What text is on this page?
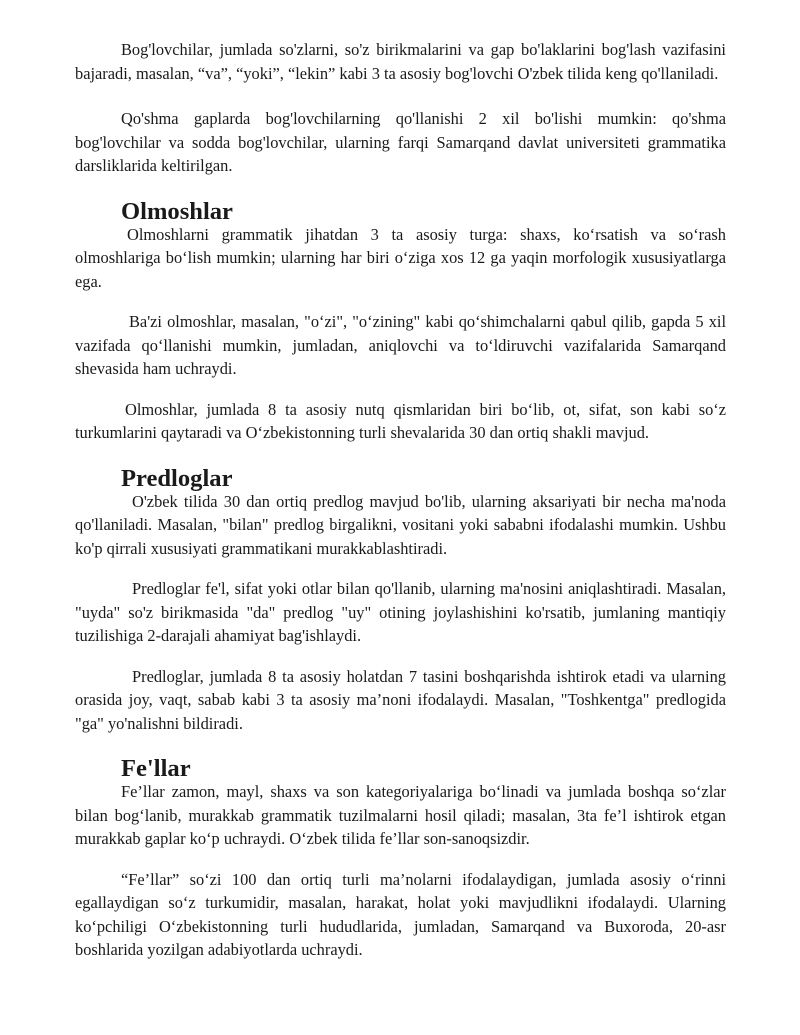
Bog'lovchilar, jumlada so'zlarni, so'z birikmalarini va gap bo'laklarini bog'lash vazifasini bajaradi, masalan, “va”, “yoki”, “lekin” kabi 3 ta asosiy bog'lovchi O'zbek tilida keng qo'llaniladi.

Qo'shma gaplarda bog'lovchilarning qo'llanishi 2 xil bo'lishi mumkin: qo'shma bog'lovchilar va sodda bog'lovchilar, ularning farqi Samarqand davlat universiteti grammatika darsliklarida keltirilgan.

Olmoshlar

Olmoshlarni grammatik jihatdan 3 ta asosiy turga: shaxs, ko‘rsatish va so‘rash olmoshlariga bo‘lish mumkin; ularning har biri o‘ziga xos 12 ga yaqin morfologik xususiyatlarga ega.

Ba'zi olmoshlar, masalan, "o‘zi", "o‘zining" kabi qo‘shimchalarni qabul qilib, gapda 5 xil vazifada qo‘llanishi mumkin, jumladan, aniqlovchi va to‘ldiruvchi vazifalarida Samarqand shevasida ham uchraydi.

Olmoshlar, jumlada 8 ta asosiy nutq qismlaridan biri bo‘lib, ot, sifat, son kabi so‘z turkumlarini qaytaradi va O‘zbekistonning turli shevalarida 30 dan ortiq shakli mavjud.

Predloglar

O'zbek tilida 30 dan ortiq predlog mavjud bo'lib, ularning aksariyati bir necha ma'noda qo'llaniladi. Masalan, "bilan" predlog birgalikni, vositani yoki sababni ifodalashi mumkin. Ushbu ko'p qirrali xususiyati grammatikani murakkablashtiradi.

Predloglar fe'l, sifat yoki otlar bilan qo'llanib, ularning ma'nosini aniqlashtiradi. Masalan, "uyda" so'z birikmasida "da" predlog "uy" otining joylashishini ko'rsatib, jumlaning mantiqiy tuzilishiga 2-darajali ahamiyat bag'ishlaydi.

Predloglar, jumlada 8 ta asosiy holatdan 7 tasini boshqarishda ishtirok etadi va ularning orasida joy, vaqt, sabab kabi 3 ta asosiy ma’noni ifodalaydi. Masalan, "Toshkentga" predlogida "ga" yo'nalishni bildiradi.

Fe'llar

Fe’llar zamon, mayl, shaxs va son kategoriyalariga bo‘linadi va jumlada boshqa so‘zlar bilan bog‘lanib, murakkab grammatik tuzilmalarni hosil qiladi; masalan, 3ta fe’l ishtirok etgan murakkab gaplar ko‘p uchraydi. O‘zbek tilida fe’llar son-sanoqsizdir.

“Fe’llar” so‘zi 100 dan ortiq turli ma’nolarni ifodalaydigan, jumlada asosiy o‘rinni egallaydigan so‘z turkumidir, masalan, harakat, holat yoki mavjudlikni ifodalaydi. Ularning ko‘pchiligi O‘zbekistonning turli hududlarida, jumladan, Samarqand va Buxoroda, 20-asr boshlarida yozilgan adabiyotlarda uchraydi.
